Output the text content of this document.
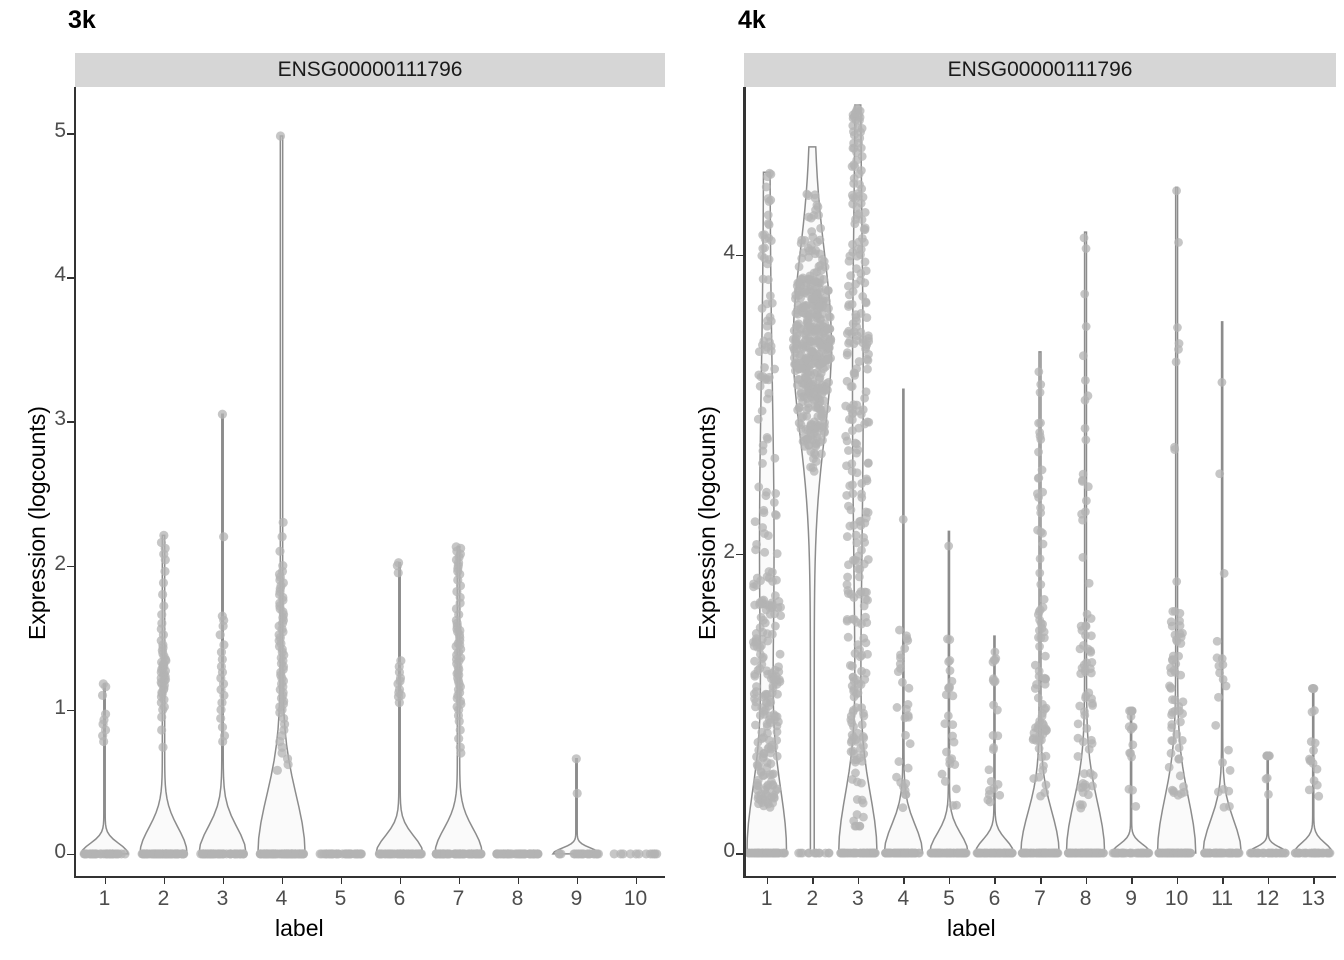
3k
ENSG00000111796
0
1
2
3
4
5
1	2	3	4	5	6	7	8	9	10
Expression (logcounts)
label
4k
ENSG00000111796
0
2
4
1	2	3	4	5	6	7	8	9	10	11	12	13
Expression (logcounts)
label
